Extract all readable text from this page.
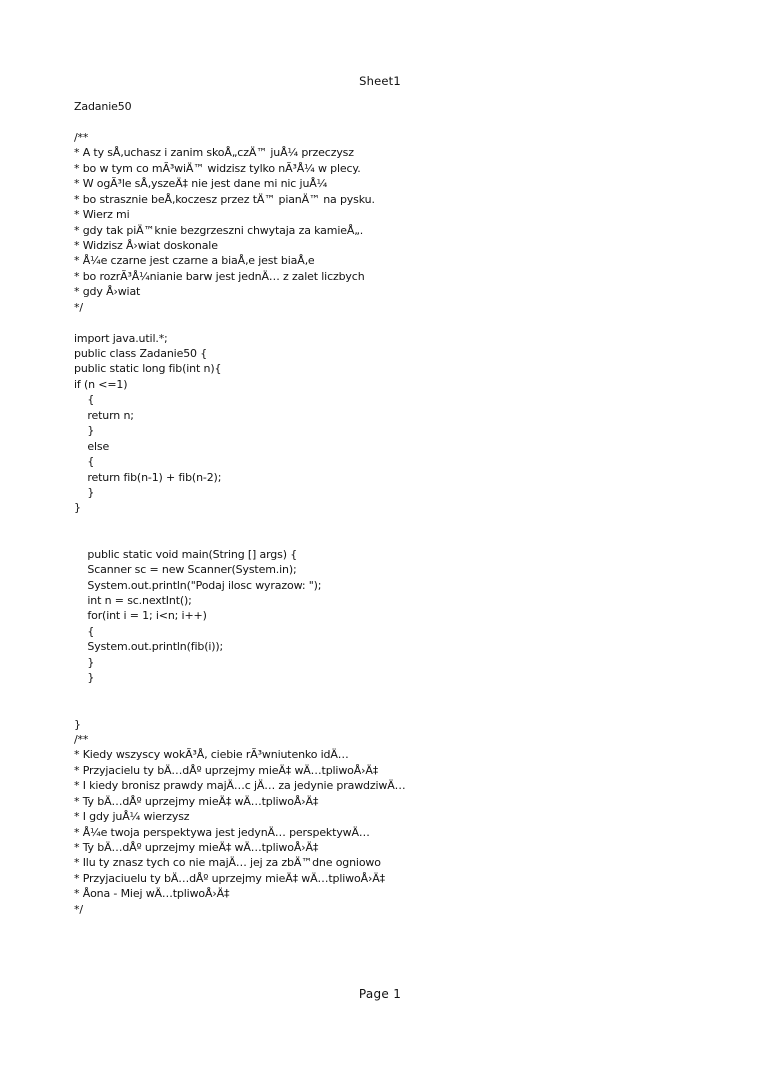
Sheet1
Zadanie50
/**
* A ty sÅ‚uchasz i zanim skoÅ„czÄ™ juÅ¼ przeczysz
* bo w tym co mÃ³wiÄ™ widzisz tylko nÃ³Å¼ w plecy.
* W ogÃ³le sÅ‚yszeÄ‡ nie jest dane mi nic juÅ¼
* bo strasznie beÅ‚koczesz przez tÄ™ pianÄ™ na pysku.
* Wierz mi
* gdy tak piÄ™knie bezgrzeszni chwytaja za kamieÅ„.
* Widzisz Å›wiat doskonale
* Å¼e czarne jest czarne a biaÅ‚e jest biaÅ‚e
* bo rozrÃ³Å¼nianie barw jest jednÄ… z zalet liczbych
* gdy Å›wiat
*/
import java.util.*;
public class Zadanie50 {
public static long fib(int n){
if (n <=1)
{
return n;
}
else
{
return fib(n-1) + fib(n-2);
}
}
public static void main(String [] args) {
Scanner sc = new Scanner(System.in);
System.out.println("Podaj ilosc wyrazow: ");
int n = sc.nextInt();
for(int i = 1; i<n; i++)
{
System.out.println(fib(i));
}
}
}
/**
* Kiedy wszyscy wokÃ³Å‚ ciebie rÃ³wniutenko idÄ…
* Przyjacielu ty bÄ…dÅº uprzejmy mieÄ‡ wÄ…tpliwoÅ›Ä‡
* I kiedy bronisz prawdy majÄ…c jÄ… za jedynie prawdziwÄ…
* Ty bÄ…dÅº uprzejmy mieÄ‡ wÄ…tpliwoÅ›Ä‡
* I gdy juÅ¼ wierzysz
* Å¼e twoja perspektywa jest jedynÄ… perspektywÄ…
* Ty bÄ…dÅº uprzejmy mieÄ‡ wÄ…tpliwoÅ›Ä‡
* Ilu ty znasz tych co nie majÄ… jej za zbÄ™dne ogniowo
* Przyjaciuelu ty bÄ…dÅº uprzejmy mieÄ‡ wÄ…tpliwoÅ›Ä‡
* Åona - Miej wÄ…tpliwoÅ›Ä‡
*/
Page 1
